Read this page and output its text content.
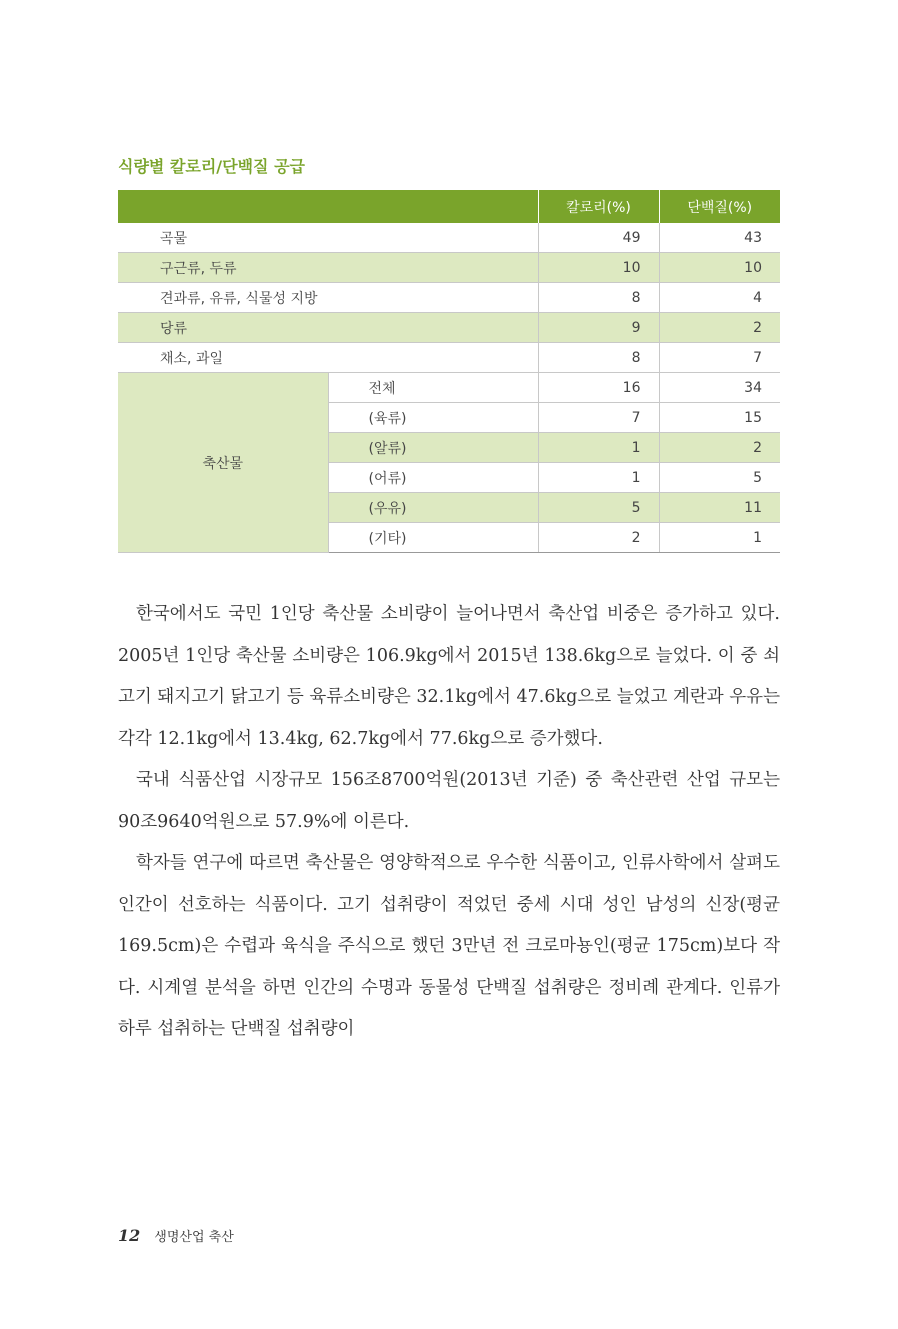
식량별 칼로리/단백질 공급
		칼로리(%)	단백질(%)
곡물		49	43
구근류, 두류		10	10
견과류, 유류, 식물성 지방		8	4
당류		9	2
채소, 과일		8	7
축산물	전체	16	34
	(육류)	7	15
	(알류)	1	2
	(어류)	1	5
	(우유)	5	11
	(기타)	2	1

한국에서도 국민 1인당 축산물 소비량이 늘어나면서 축산업 비중은 증가하고 있다. 2005년 1인당 축산물 소비량은 106.9kg에서 2015년 138.6kg으로 늘었다. 이 중 쇠고기 돼지고기 닭고기 등 육류소비량은 32.1kg에서 47.6kg으로 늘었고 계란과 우유는 각각 12.1kg에서 13.4kg, 62.7kg에서 77.6kg으로 증가했다.

국내 식품산업 시장규모 156조8700억원(2013년 기준) 중 축산관련 산업 규모는 90조9640억원으로 57.9%에 이른다.

학자들 연구에 따르면 축산물은 영양학적으로 우수한 식품이고, 인류사학에서 살펴도 인간이 선호하는 식품이다. 고기 섭취량이 적었던 중세 시대 성인 남성의 신장(평균 169.5cm)은 수렵과 육식을 주식으로 했던 3만년 전 크로마뇽인(평균 175cm)보다 작다. 시계열 분석을 하면 인간의 수명과 동물성 단백질 섭취량은 정비례 관계다. 인류가 하루 섭취하는 단백질 섭취량이

12 생명산업 축산
